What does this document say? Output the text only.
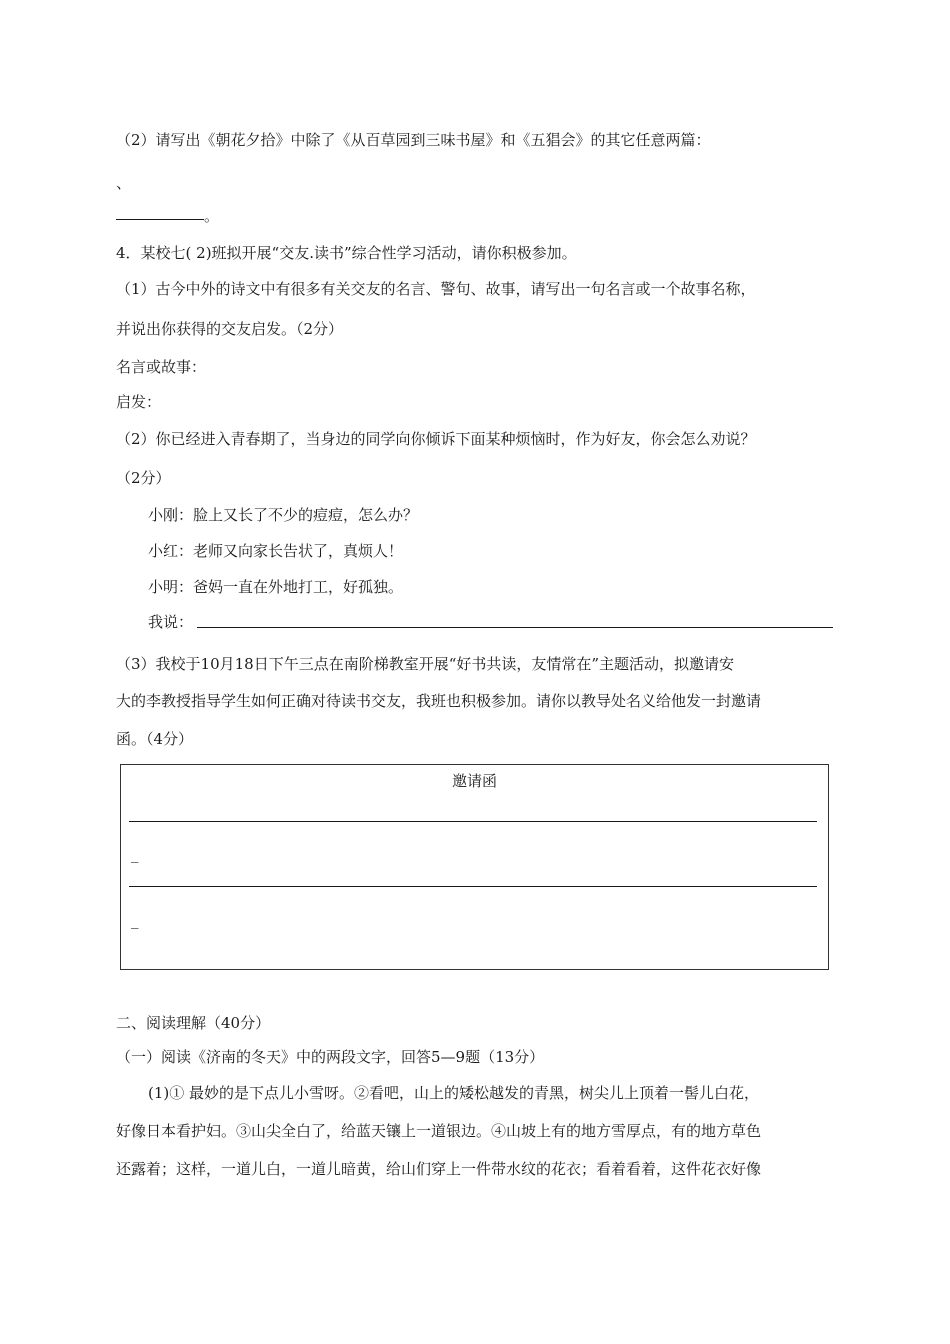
（2）请写出《朝花夕拾》中除了《从百草园到三味书屋》和《五猖会》的其它任意两篇：
、
。
4．某校七( 2)班拟开展“交友.读书”综合性学习活动，请你积极参加。
（1）古今中外的诗文中有很多有关交友的名言、警句、故事，请写出一句名言或一个故事名称，
并说出你获得的交友启发。（2分）
名言或故事：
启发：
（2）你已经进入青春期了，当身边的同学向你倾诉下面某种烦恼时，作为好友，你会怎么劝说？
（2分）
小刚：脸上又长了不少的痘痘，怎么办？
小红：老师又向家长告状了，真烦人！
小明：爸妈一直在外地打工，好孤独。
我说：
（3）我校于10月18日下午三点在南阶梯教室开展“好书共读，友情常在”主题活动，拟邀请安
大的李教授指导学生如何正确对待读书交友，我班也积极参加。请你以教导处名义给他发一封邀请
函。（4分）
邀请函
_
_
二、阅读理解（40分）
（一）阅读《济南的冬天》中的两段文字，回答5—9题（13分）
(1)① 最妙的是下点儿小雪呀。②看吧，山上的矮松越发的青黑，树尖儿上顶着一髻儿白花，
好像日本看护妇。③山尖全白了，给蓝天镶上一道银边。④山坡上有的地方雪厚点，有的地方草色
还露着；这样，一道儿白，一道儿暗黄，给山们穿上一件带水纹的花衣；看着看着，这件花衣好像
